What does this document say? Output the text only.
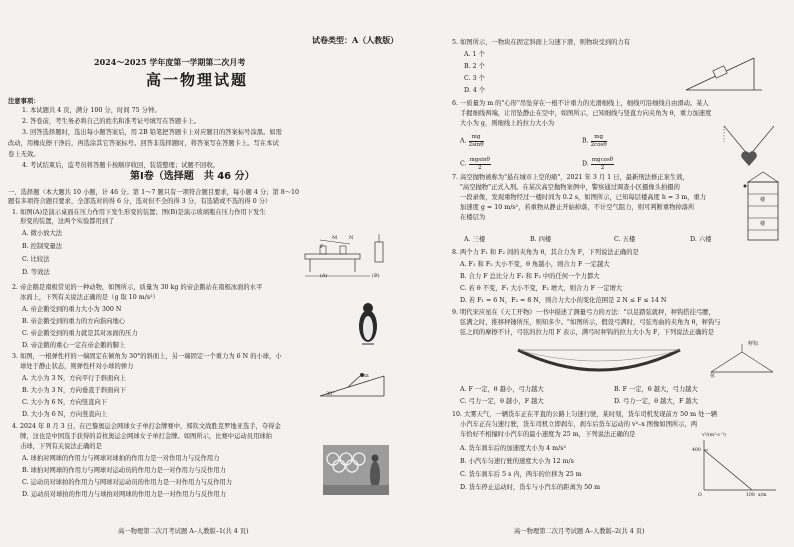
试卷类型：A（人教版）
2024～2025 学年度第一学期第二次月考
高一物理试题
注意事项：
1. 本试题共 4 页，满分 100 分，时间 75 分钟。
2. 答卷前，考生务必将自己的姓名和准考证号填写在答题卡上。
3. 回答选择题时，选出每小题答案后，用 2B 铅笔把答题卡上对应题目的答案标号涂黑。如需
改动，用橡皮擦干净后，再选涂其它答案标号。回答非选择题时，将答案写在答题卡上。写在本试
卷上无效。
4. 考试结束后，监考员将答题卡按顺序收回，装袋整理；试题不回收。
第Ⅰ卷（选择题　共 46 分）
一、选择题（本大题共 10 小题，计 46 分。第 1～7 题只有一项符合题目要求，每小题 4 分；第 8～10
题有多项符合题目要求，全部选对的得 6 分，选对但不全的得 3 分，有选错或不选的得 0 分）
1. 如图(A)是演示桌面在压力作用下发生形变的装置；图(B)是演示玻璃瓶在压力作用下发生
形变的装置，这两个实验都用到了
A. 微小放大法
B. 控制变量法
C. 比较法
D. 等效法
M N
P
(A)	(B)
2. 帝企鹅是南极常见的一种动物，如图所示，质量为 30 kg 的帝企鹅站在南极冰面的水平
冰面上，下列有关说法正确的是（g 取 10 m/s²）
A. 帝企鹅受到的重力大小为 300 N
B. 帝企鹅受到的重力的方向指向地心
C. 帝企鹅受到的重力就是其对冰面的压力
D. 帝企鹅的重心一定在帝企鹅的脚上
3. 如图，一根弹性杆的一端固定在倾角为 30°的斜面上，另一端固定一个重力为 6 N 的小球，小
球处于静止状态，则弹性杆对小球的弹力
A. 大小为 3 N，方向平行于斜面向上
B. 大小为 3 N，方向垂直于斜面向下
C. 大小为 6 N，方向竖直向下
D. 大小为 6 N，方向竖直向上
m
30°
4. 2024 年 8 月 3 日，在巴黎奥运会网球女子单打金牌赛中，郑钦文战胜克罗地亚选手，夺得金
牌，这也是中国选手获得的首枚奥运会网球女子单打金牌。如图所示，比赛中运动员用球拍
击球，下列有关说法正确的是
A. 球拍对网球的作用力与网球对球拍的作用力是一对作用力与反作用力
B. 球拍对网球的作用力与网球对运动员的作用力是一对作用力与反作用力
C. 运动员对球拍的作用力与网球对运动员的作用力是一对作用力与反作用力
D. 运动员对球拍的作用力与球拍对网球的作用力是一对作用力与反作用力
高一物理第二次月考试题 A–人教版–1(共 4 页)
5. 如图所示，一物块在固定斜面上匀速下滑，则物块受到的力有
A. 1 个
B. 2 个
C. 3 个
D. 4 个
6. 一质量为 m 的"心形"吊坠穿在一根不计重力的光滑细线上，细线可沿细线自由滑动。某人
手握细线两端，让吊坠静止在空中，如图所示，已知细线与竖直方向夹角为 θ，重力加速度
大小为 g，则细线上的拉力大小为
A. $\frac{mg}{2\sin\theta}$	B. $\frac{mg}{2\cos\theta}$
C. $\frac{mgsin\theta}{2}$	D. $\frac{mgcos\theta}{2}$
7. 高空抛物被称为"悬在城市上空的痛"，2021 年 3 月 1 日，最新刑法修正案生效，
"高空抛物"正式入刑。在某次高空抛物案例中，警察通过调查小区摄像头拍摄的
一段录像，发现重物经过一楼时间为 0.2 s，如图所示，已知每层楼高度 h = 3 m，重力
加速度 g = 10 m/s²，若重物从静止开始掉落，不计空气阻力，则可判断重物掉落所
在楼层为
A. 三楼	B. 四楼	C. 五楼	D. 六楼
楼
楼
8. 两个力 F₁ 和 F₂ 间的夹角为 θ，其合力为 F，下列说法正确的是
A. F₁ 和 F₂ 大小不变，θ 角越小，则合力 F 一定越大
B. 合力 F 总比分力 F₁ 和 F₂ 中的任何一个力都大
C. 若 θ 不变，F₁ 大小不变，F₂ 增大，则合力 F 一定增大
D. 若 F₁ = 6 N，F₂ = 8 N，则合力大小的变化范围是 2 N ≤ F ≤ 14 N
9. 明代宋应星在《天工开物》一书中描述了测量弓力的方法："以足踏弦就秤，秤钩搭挂弓腰，
弦满之时，推移秤锤所压，则知多少。"如图所示，假设弓满时，弓弦弯曲的夹角为 θ，秤钩与
弦之间的摩擦不计，弓弦的拉力用 F 表示，满弓时秤钩的拉力大小为 F，下列说法正确的是
秤钩
弦
A. F 一定，θ 越小，弓力越大	B. F 一定，θ 越大，弓力越大
C. 弓力一定，θ 越小，F 越大	D. 弓力一定，θ 越大，F 越大
10. 大雾天气，一辆货车正在平直的公路上匀速行驶，某时刻，货车司机发现前方 50 m 处一辆
小汽车正在匀速行驶，货车司机立即刹车，刹车后货车运动的 v²–x 图像如图所示，两
车恰好不相撞时小汽车的最小速度为 25 m，下列说法正确的是
A. 货车刹车后的加速度大小为 4 m/s²
B. 小汽车匀速行驶的速度大小为 12 m/s
C. 货车刹车后 5 s 内，两车的位移为 25 m
D. 货车停止运动时，货车与小汽车的距离为 50 m
v²/(m²·s⁻²)
400
x/m
100
O
高一物理第二次月考试题 A–人教版–2(共 4 页)
